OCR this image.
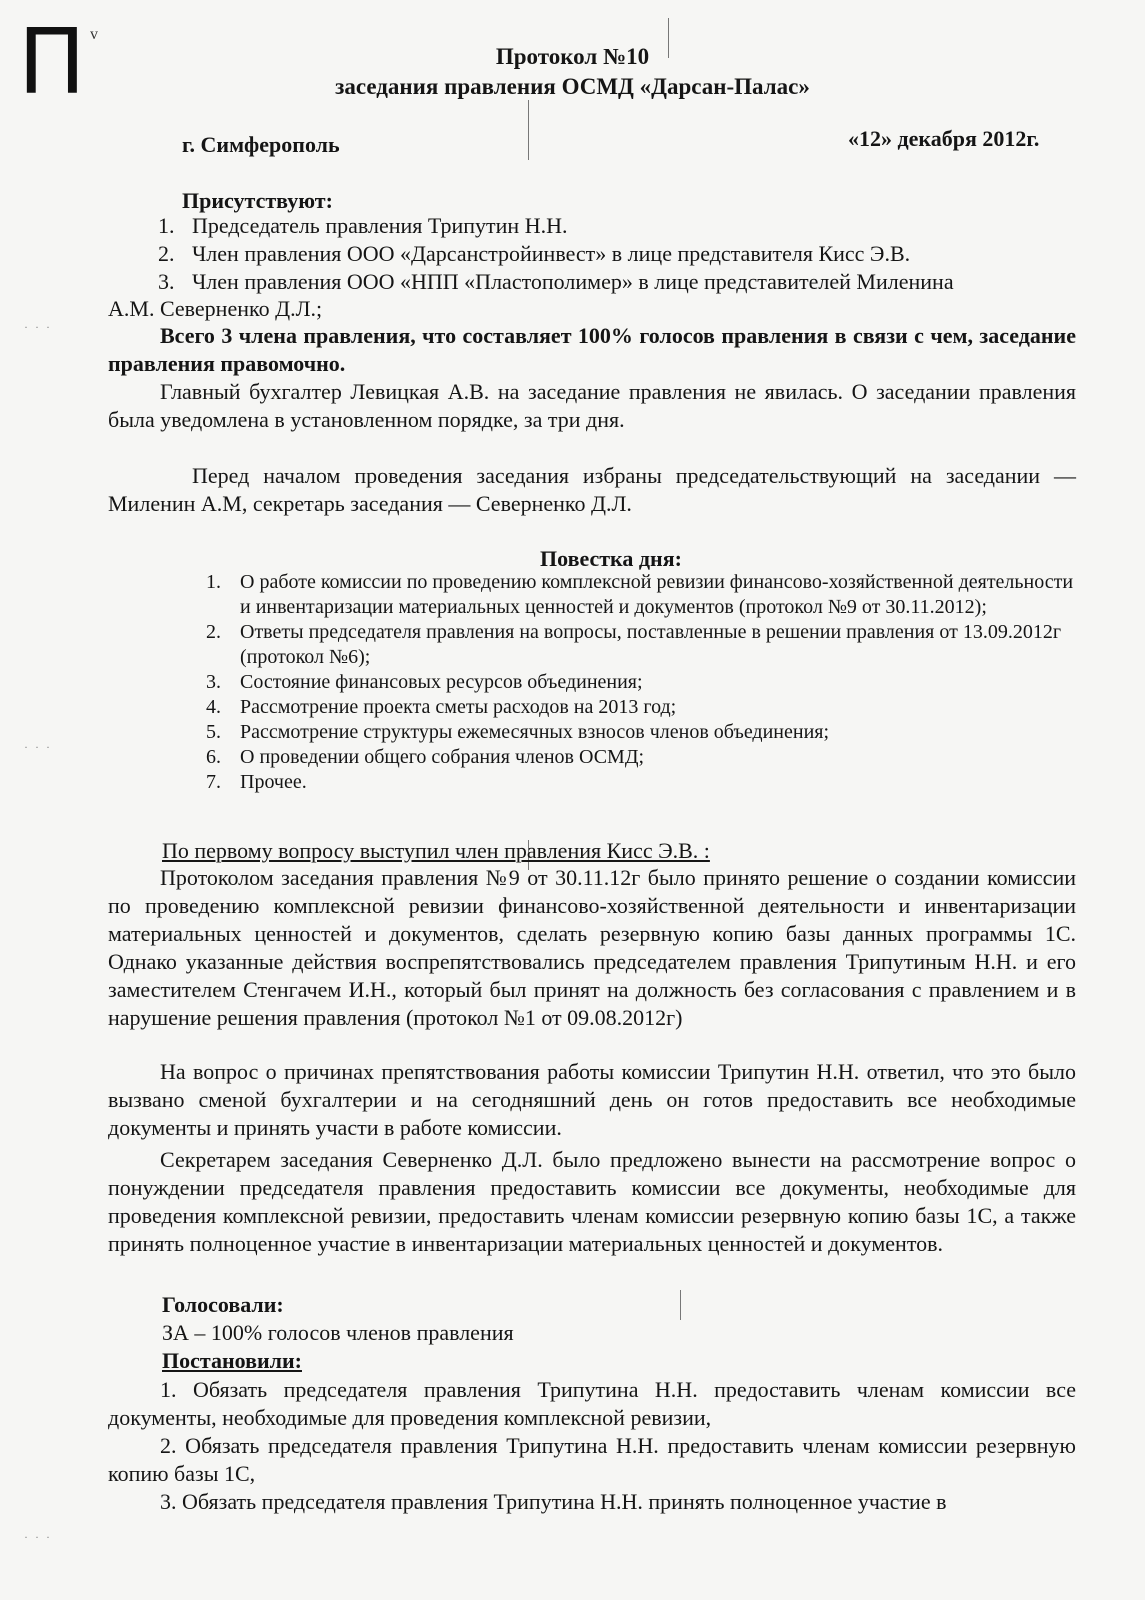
П v
· · ·
· · ·
· · ·
Протокол №10
заседания правления ОСМД «Дарсан-Палас»
г. Симферополь	«12» декабря 2012г.
Присутствуют:
1. Председатель правления Трипутин Н.Н.
2. Член правления ООО «Дарсанстройинвест» в лице представителя Кисс Э.В.
3. Член правления ООО «НПП «Пластополимер» в лице представителей Миленина
А.М. Северненко Д.Л.;
Всего 3 члена правления, что составляет 100% голосов правления в связи с чем, заседание правления правомочно.
Главный бухгалтер Левицкая А.В. на заседание правления не явилась. О заседании правления была уведомлена в установленном порядке, за три дня.
Перед началом проведения заседания избраны председательствующий на заседании — Миленин А.М, секретарь заседания — Северненко Д.Л.
Повестка дня:
1. О работе комиссии по проведению комплексной ревизии финансово-хозяйственной деятельности и инвентаризации материальных ценностей и документов (протокол №9 от 30.11.2012);
2. Ответы председателя правления на вопросы, поставленные в решении правления от 13.09.2012г (протокол №6);
3. Состояние финансовых ресурсов объединения;
4. Рассмотрение проекта сметы расходов на 2013 год;
5. Рассмотрение структуры ежемесячных взносов членов объединения;
6. О проведении общего собрания членов ОСМД;
7. Прочее.
По первому вопросу выступил член правления Кисс Э.В. :
Протоколом заседания правления №9 от 30.11.12г было принято решение о создании комиссии по проведению комплексной ревизии финансово-хозяйственной деятельности и инвентаризации материальных ценностей и документов, сделать резервную копию базы данных программы 1С. Однако указанные действия воспрепятствовались председателем правления Трипутиным Н.Н. и его заместителем Стенгачем И.Н., который был принят на должность без согласования с правлением и в нарушение решения правления (протокол №1 от 09.08.2012г)
На вопрос о причинах препятствования работы комиссии Трипутин Н.Н. ответил, что это было вызвано сменой бухгалтерии и на сегодняшний день он готов предоставить все необходимые документы и принять участи в работе комиссии.
Секретарем заседания Северненко Д.Л. было предложено вынести на рассмотрение вопрос о понуждении председателя правления предоставить комиссии все документы, необходимые для проведения комплексной ревизии, предоставить членам комиссии резервную копию базы 1С, а также принять полноценное участие в инвентаризации материальных ценностей и документов.
Голосовали:
ЗА – 100% голосов членов правления
Постановили:
1. Обязать председателя правления Трипутина Н.Н. предоставить членам комиссии все документы, необходимые для проведения комплексной ревизии,
2. Обязать председателя правления Трипутина Н.Н. предоставить членам комиссии резервную копию базы 1С,
3. Обязать председателя правления Трипутина Н.Н. принять полноценное участие в
